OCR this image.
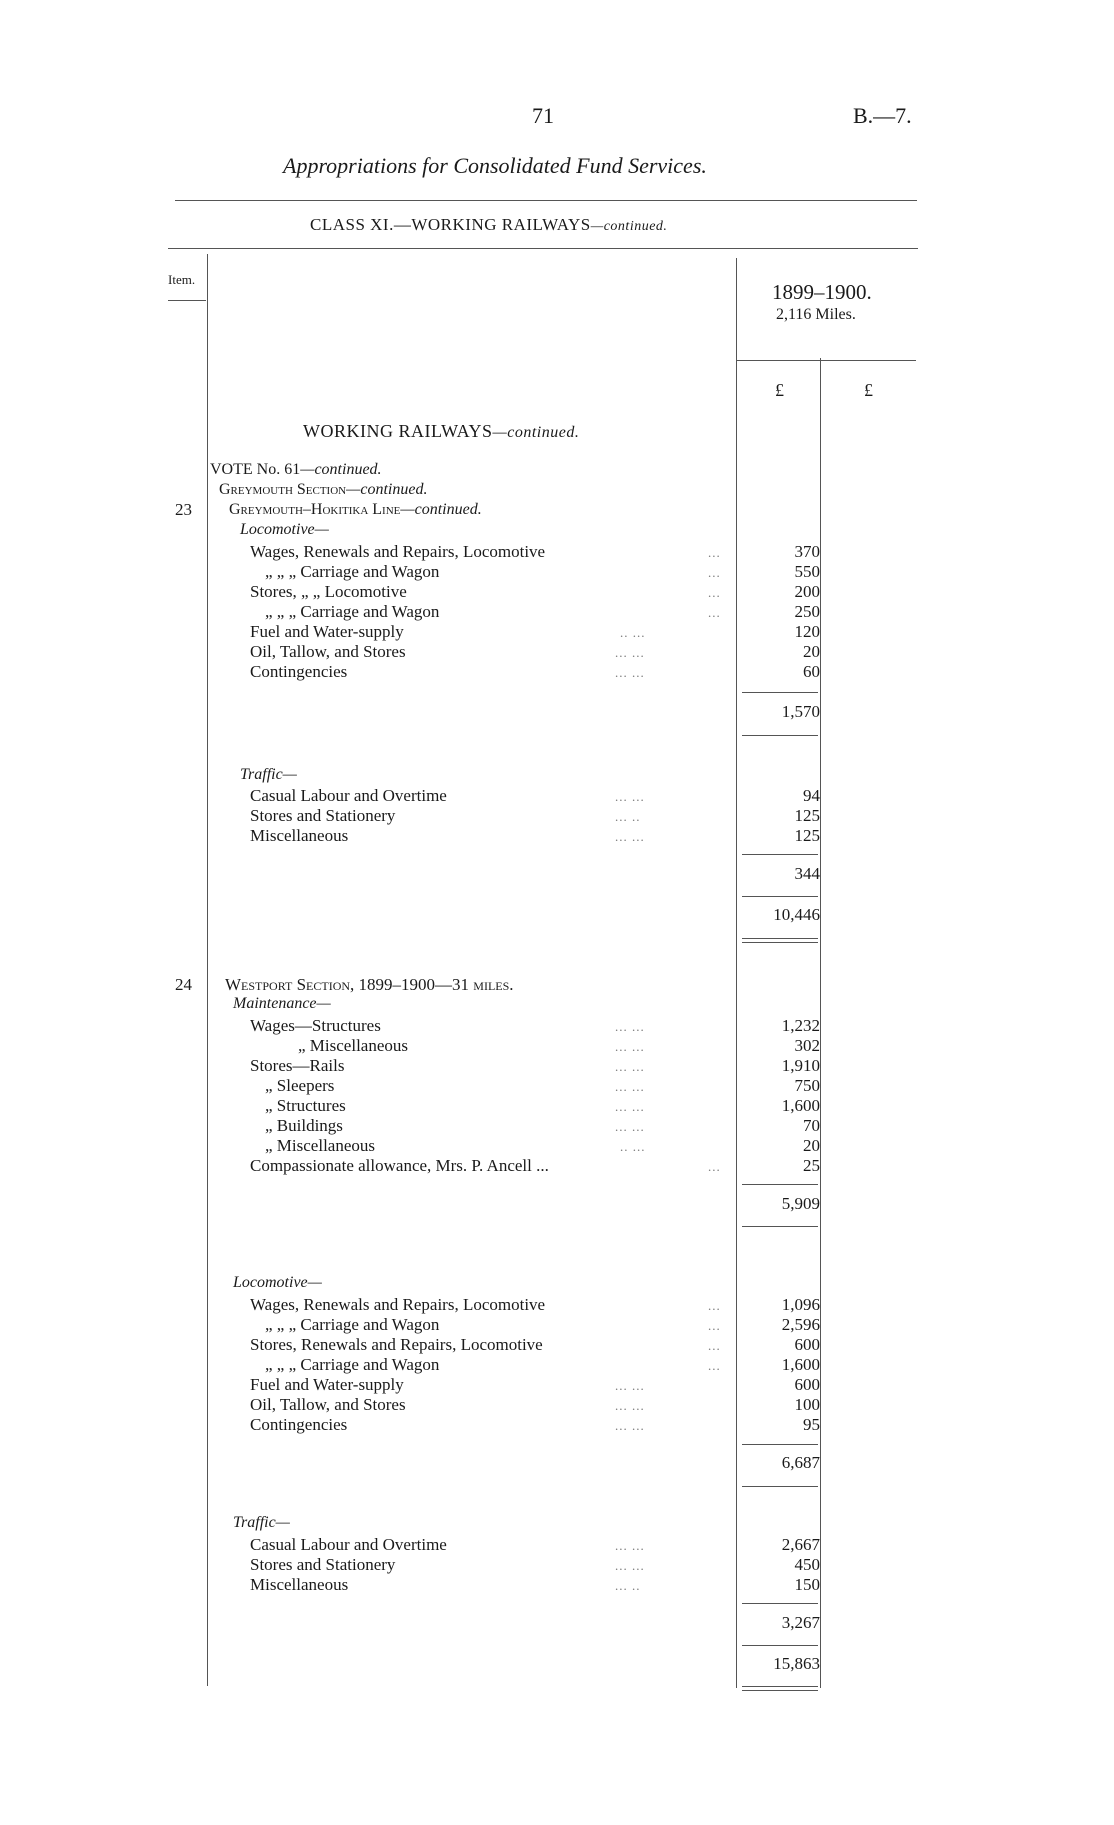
71	B.—7.
Appropriations for Consolidated Fund Services.
CLASS XI.—WORKING RAILWAYS—continued.
Item.
1899–1900.
2,116 Miles.
£	£
WORKING RAILWAYS—continued.
VOTE No. 61—continued.
Greymouth Section—continued.
23 Greymouth–Hokitika Line—continued.
Locomotive—
Wages, Renewals and Repairs, Locomotive	...	370
„ „ „ Carriage and Wagon	...	550
Stores, „ „ Locomotive	...	200
„ „ „ Carriage and Wagon	...	250
Fuel and Water-supply	.. ...	120
Oil, Tallow, and Stores	... ...	20
Contingencies	... ...	60
1,570
Traffic—
Casual Labour and Overtime	... ...	94
Stores and Stationery	... ..	125
Miscellaneous	... ...	125
344
10,446
24 Westport Section, 1899–1900—31 miles.
Maintenance—
Wages—Structures	... ...	1,232
„ Miscellaneous	... ...	302
Stores—Rails	... ...	1,910
„ Sleepers	... ...	750
„ Structures	... ...	1,600
„ Buildings	... ...	70
„ Miscellaneous	.. ...	20
Compassionate allowance, Mrs. P. Ancell ...	...	25
5,909
Locomotive—
Wages, Renewals and Repairs, Locomotive	...	1,096
„ „ „ Carriage and Wagon	...	2,596
Stores, Renewals and Repairs, Locomotive	...	600
„ „ „ Carriage and Wagon	...	1,600
Fuel and Water-supply	... ...	600
Oil, Tallow, and Stores	... ...	100
Contingencies	... ...	95
6,687
Traffic—
Casual Labour and Overtime	... ...	2,667
Stores and Stationery	... ...	450
Miscellaneous	... ..	150
3,267
15,863
